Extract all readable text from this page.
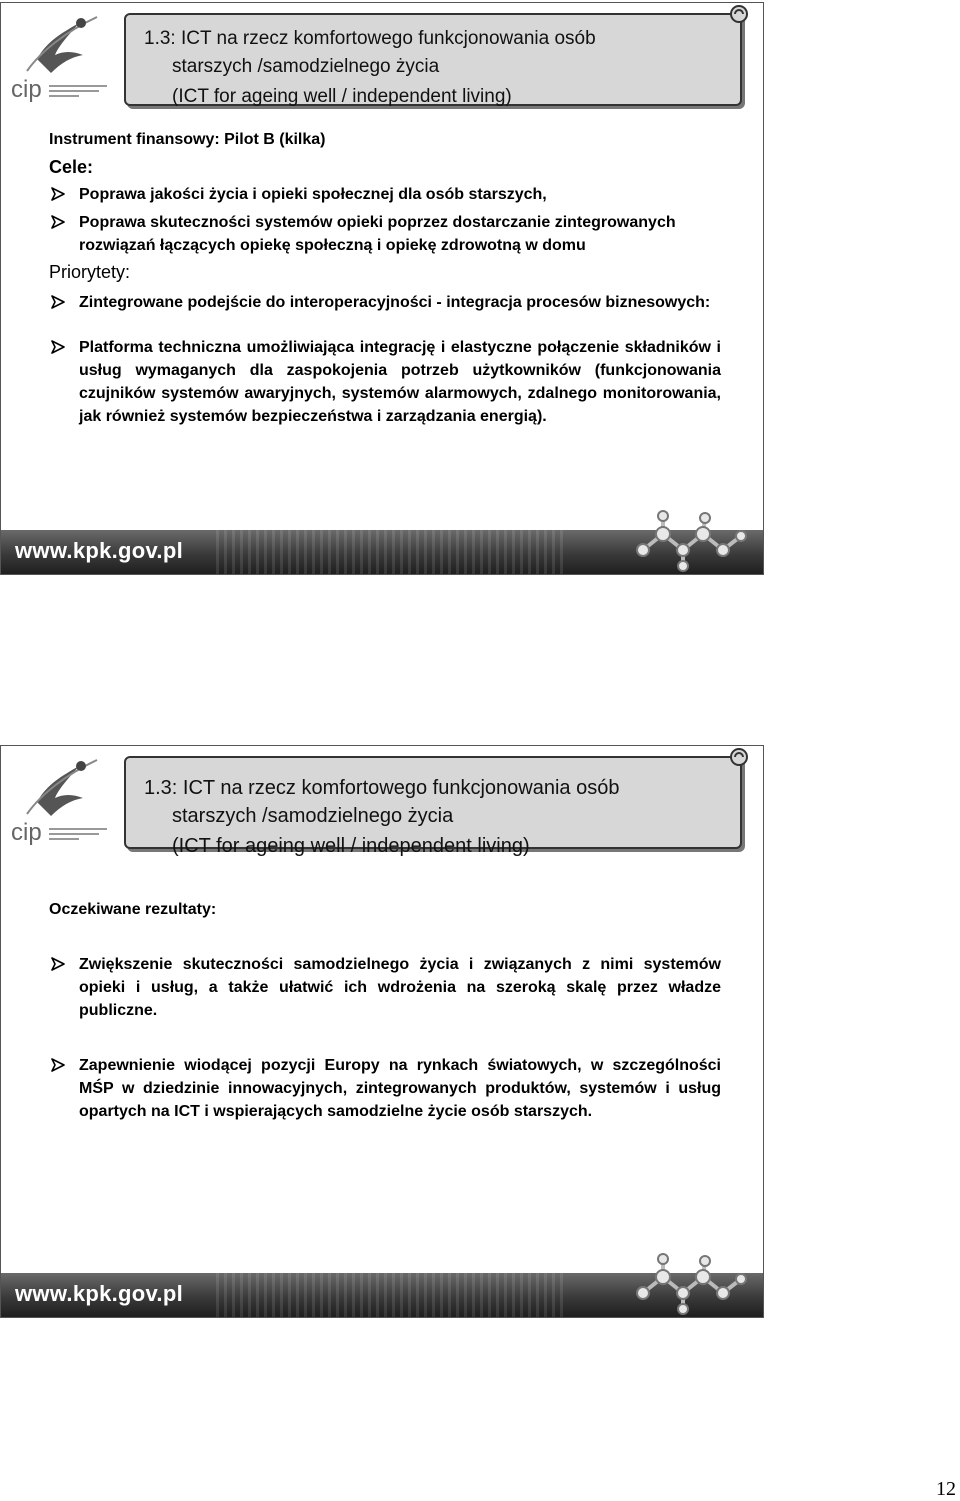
cip
1.3: ICT na rzecz komfortowego funkcjonowania osób
starszych /samodzielnego życia
(ICT for ageing well / independent living)
Instrument finansowy: Pilot B (kilka)
Cele:
Poprawa jakości życia i opieki społecznej dla osób starszych,
Poprawa skuteczności systemów opieki poprzez dostarczanie zintegrowanych rozwiązań łączących opiekę społeczną i opiekę zdrowotną w domu
Priorytety:
Zintegrowane podejście do interoperacyjności - integracja procesów biznesowych:
Platforma techniczna umożliwiająca integrację i elastyczne połączenie składników i usług wymaganych dla zaspokojenia potrzeb użytkowników (funkcjonowania czujników systemów awaryjnych, systemów alarmowych, zdalnego monitorowania, jak również systemów bezpieczeństwa i zarządzania energią).
www.kpk.gov.pl
cip
1.3: ICT na rzecz komfortowego funkcjonowania osób
starszych /samodzielnego życia
(ICT for ageing well / independent living)
Oczekiwane rezultaty:
Zwiększenie skuteczności samodzielnego życia i związanych z nimi systemów opieki i usług, a także ułatwić ich wdrożenia na szeroką skalę przez władze publiczne.
Zapewnienie wiodącej pozycji Europy na rynkach światowych, w szczególności MŚP w dziedzinie innowacyjnych, zintegrowanych produktów, systemów i usług opartych na ICT i wspierających samodzielne życie osób starszych.
www.kpk.gov.pl
12
